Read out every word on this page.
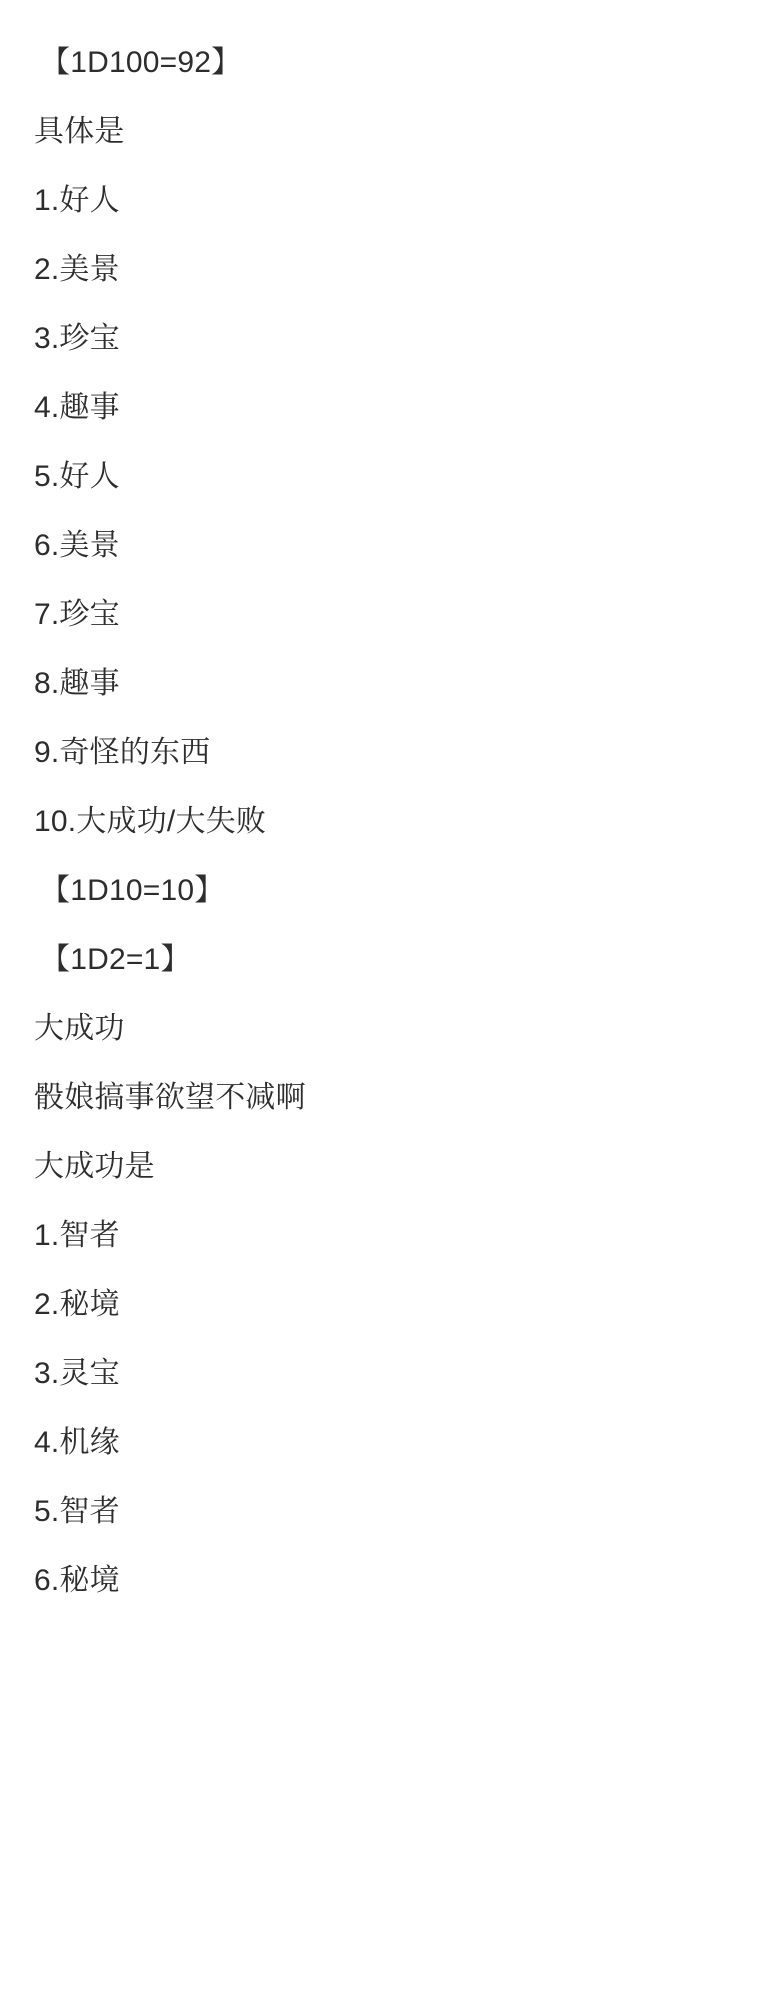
【1D100=92】
具体是
1.好人
2.美景
3.珍宝
4.趣事
5.好人
6.美景
7.珍宝
8.趣事
9.奇怪的东西
10.大成功/大失败
【1D10=10】
【1D2=1】
大成功
骰娘搞事欲望不减啊
大成功是
1.智者
2.秘境
3.灵宝
4.机缘
5.智者
6.秘境
